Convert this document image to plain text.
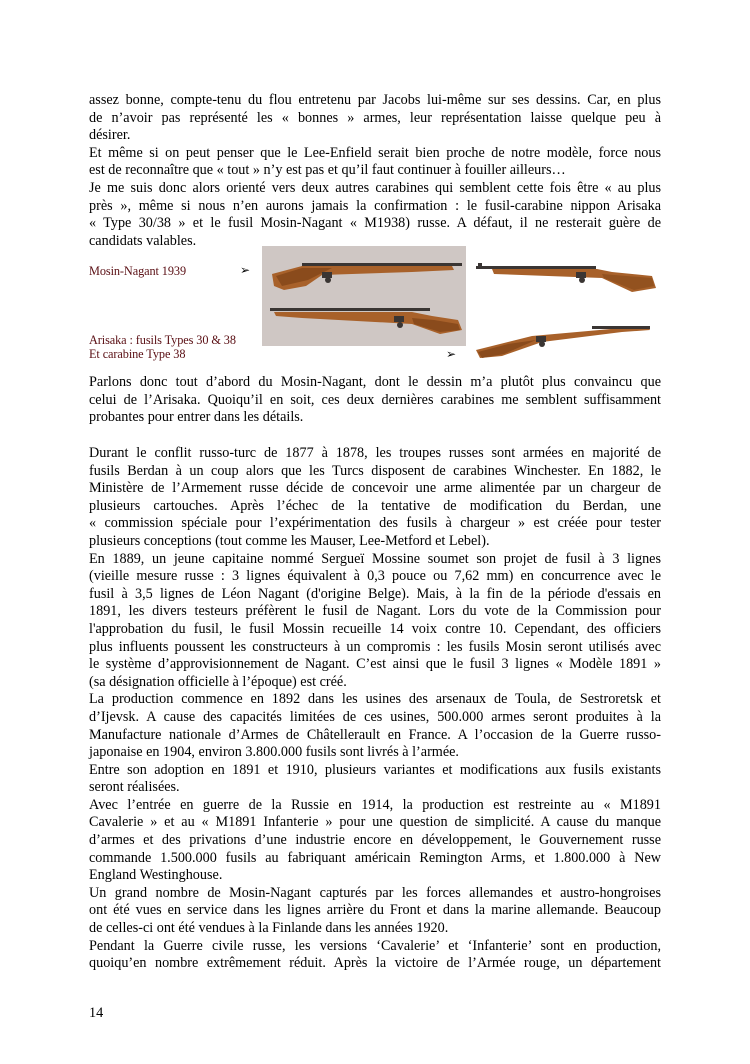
assez bonne, compte-tenu du flou entretenu par Jacobs lui-même sur ses dessins. Car, en plus
de n’avoir pas représenté les « bonnes » armes, leur représentation laisse quelque peu à
désirer.
Et même si on peut penser que le Lee-Enfield serait bien proche de notre modèle, force nous
est de reconnaître que « tout » n’y est pas et qu’il faut continuer à fouiller ailleurs…
Je me suis donc alors orienté vers deux autres carabines qui semblent cette fois être « au plus
près », même si nous n’en aurons jamais la confirmation : le fusil-carabine nippon Arisaka
« Type 30/38 » et le fusil Mosin-Nagant « M1938) russe. A défaut, il ne resterait guère de
candidats valables.

Mosin-Nagant 1939	➢

Arisaka : fusils Types 30 & 38

Et carabine Type 38	➢
Parlons donc tout d’abord du Mosin-Nagant, dont le dessin m’a plutôt plus convaincu que
celui de l’Arisaka. Quoiqu’il en soit, ces deux dernières carabines me semblent suffisamment
probantes pour entrer dans les détails.
Durant le conflit russo-turc de 1877 à 1878, les troupes russes sont armées en majorité de
fusils Berdan à un coup alors que les Turcs disposent de carabines Winchester. En 1882, le
Ministère de l’Armement russe décide de concevoir une arme alimentée par un chargeur de
plusieurs cartouches. Après l’échec de la tentative de modification du Berdan, une
« commission spéciale pour l’expérimentation des fusils à chargeur » est créée pour tester
plusieurs conceptions (tout comme les Mauser, Lee-Metford et Lebel).
En 1889, un jeune capitaine nommé Sergueï Mossine soumet son projet de fusil à 3 lignes
(vieille mesure russe : 3 lignes équivalent à 0,3 pouce ou 7,62 mm) en concurrence avec le
fusil à 3,5 lignes de Léon Nagant (d'origine Belge). Mais, à la fin de la période d'essais en
1891, les divers testeurs préfèrent le fusil de Nagant. Lors du vote de la Commission pour
l'approbation du fusil, le fusil Mossin recueille 14 voix contre 10. Cependant, des officiers
plus influents poussent les constructeurs à un compromis : les fusils Mosin seront utilisés avec
le système d’approvisionnement de Nagant. C’est ainsi que le fusil 3 lignes « Modèle 1891 »
(sa désignation officielle à l’époque) est créé.
La production commence en 1892 dans les usines des arsenaux de Toula, de Sestroretsk et
d’Ijevsk. A cause des capacités limitées de ces usines, 500.000 armes seront produites à la
Manufacture nationale d’Armes de Châtellerault en France. A l’occasion de la Guerre russo-
japonaise en 1904, environ 3.800.000 fusils sont livrés à l’armée.
Entre son adoption en 1891 et 1910, plusieurs variantes et modifications aux fusils existants
seront réalisées.
Avec l’entrée en guerre de la Russie en 1914, la production est restreinte au « M1891
Cavalerie » et au « M1891 Infanterie » pour une question de simplicité. A cause du manque
d’armes et des privations d’une industrie encore en développement, le Gouvernement russe
commande 1.500.000 fusils au fabriquant américain Remington Arms, et 1.800.000 à New
England Westinghouse.
Un grand nombre de Mosin-Nagant capturés par les forces allemandes et austro-hongroises
ont été vues en service dans les lignes arrière du Front et dans la marine allemande. Beaucoup
de celles-ci ont été vendues à la Finlande dans les années 1920.
Pendant la Guerre civile russe, les versions ‘Cavalerie’ et ‘Infanterie’ sont en production,
quoiqu’en nombre extrêmement réduit. Après la victoire de l’Armée rouge, un département

14
